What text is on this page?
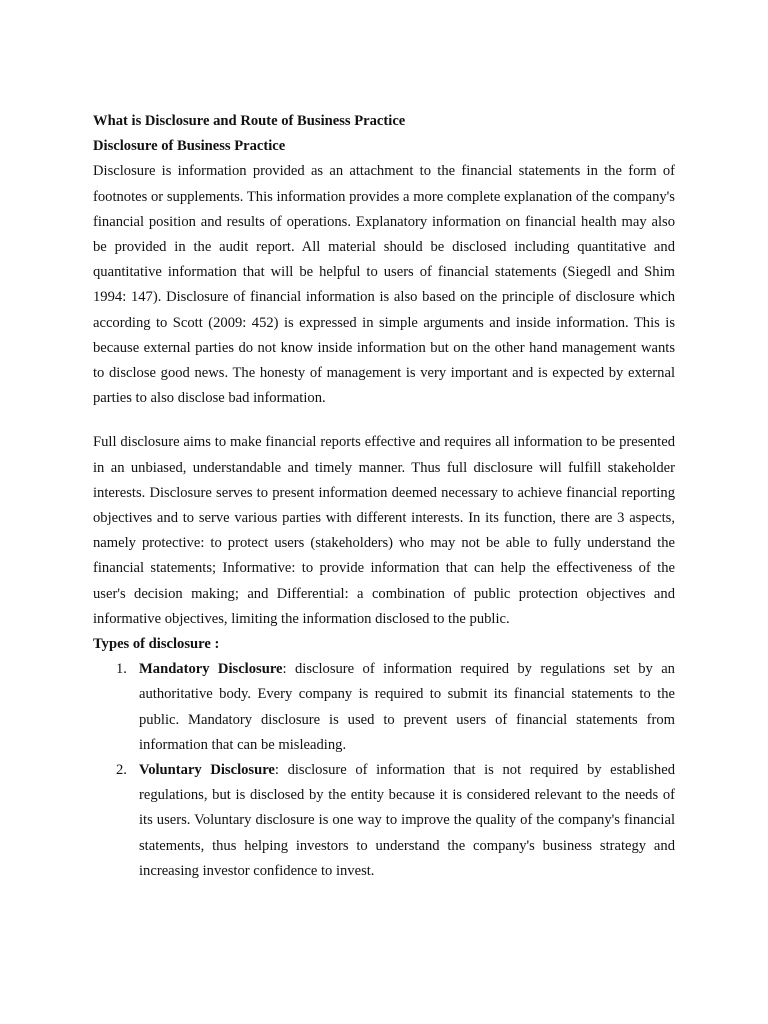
What is Disclosure and Route of Business Practice

Disclosure of Business Practice

Disclosure is information provided as an attachment to the financial statements in the form of footnotes or supplements. This information provides a more complete explanation of the company's financial position and results of operations. Explanatory information on financial health may also be provided in the audit report. All material should be disclosed including quantitative and quantitative information that will be helpful to users of financial statements (Siegedl and Shim 1994: 147). Disclosure of financial information is also based on the principle of disclosure which according to Scott (2009: 452) is expressed in simple arguments and inside information. This is because external parties do not know inside information but on the other hand management wants to disclose good news. The honesty of management is very important and is expected by external parties to also disclose bad information.

Full disclosure aims to make financial reports effective and requires all information to be presented in an unbiased, understandable and timely manner. Thus full disclosure will fulfill stakeholder interests. Disclosure serves to present information deemed necessary to achieve financial reporting objectives and to serve various parties with different interests. In its function, there are 3 aspects, namely protective: to protect users (stakeholders) who may not be able to fully understand the financial statements; Informative: to provide information that can help the effectiveness of the user's decision making; and Differential: a combination of public protection objectives and informative objectives, limiting the information disclosed to the public.

Types of disclosure :

1. Mandatory Disclosure: disclosure of information required by regulations set by an authoritative body. Every company is required to submit its financial statements to the public. Mandatory disclosure is used to prevent users of financial statements from information that can be misleading.
2. Voluntary Disclosure: disclosure of information that is not required by established regulations, but is disclosed by the entity because it is considered relevant to the needs of its users. Voluntary disclosure is one way to improve the quality of the company's financial statements, thus helping investors to understand the company's business strategy and increasing investor confidence to invest.
